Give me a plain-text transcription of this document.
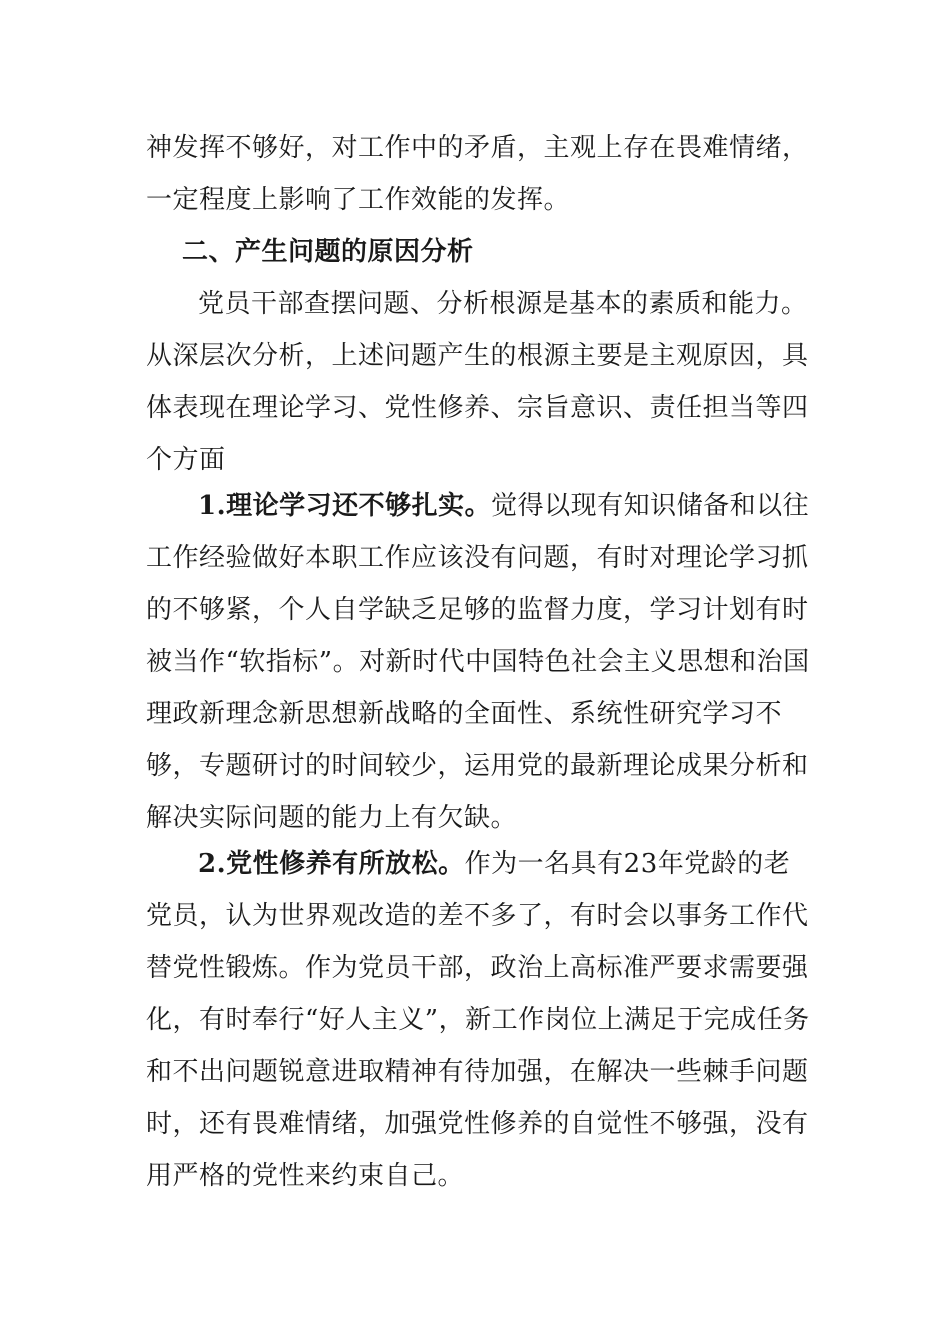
神发挥不够好，对工作中的矛盾，主观上存在畏难情绪，一定程度上影响了工作效能的发挥。

二、产生问题的原因分析

党员干部查摆问题、分析根源是基本的素质和能力。从深层次分析，上述问题产生的根源主要是主观原因，具体表现在理论学习、党性修养、宗旨意识、责任担当等四个方面

1.理论学习还不够扎实。觉得以现有知识储备和以往工作经验做好本职工作应该没有问题，有时对理论学习抓的不够紧，个人自学缺乏足够的监督力度，学习计划有时被当作“软指标”。对新时代中国特色社会主义思想和治国理政新理念新思想新战略的全面性、系统性研究学习不够，专题研讨的时间较少，运用党的最新理论成果分析和解决实际问题的能力上有欠缺。

2.党性修养有所放松。作为一名具有23年党龄的老党员，认为世界观改造的差不多了，有时会以事务工作代替党性锻炼。作为党员干部，政治上高标准严要求需要强化，有时奉行“好人主义”，新工作岗位上满足于完成任务和不出问题锐意进取精神有待加强，在解决一些棘手问题时，还有畏难情绪，加强党性修养的自觉性不够强，没有用严格的党性来约束自己。
